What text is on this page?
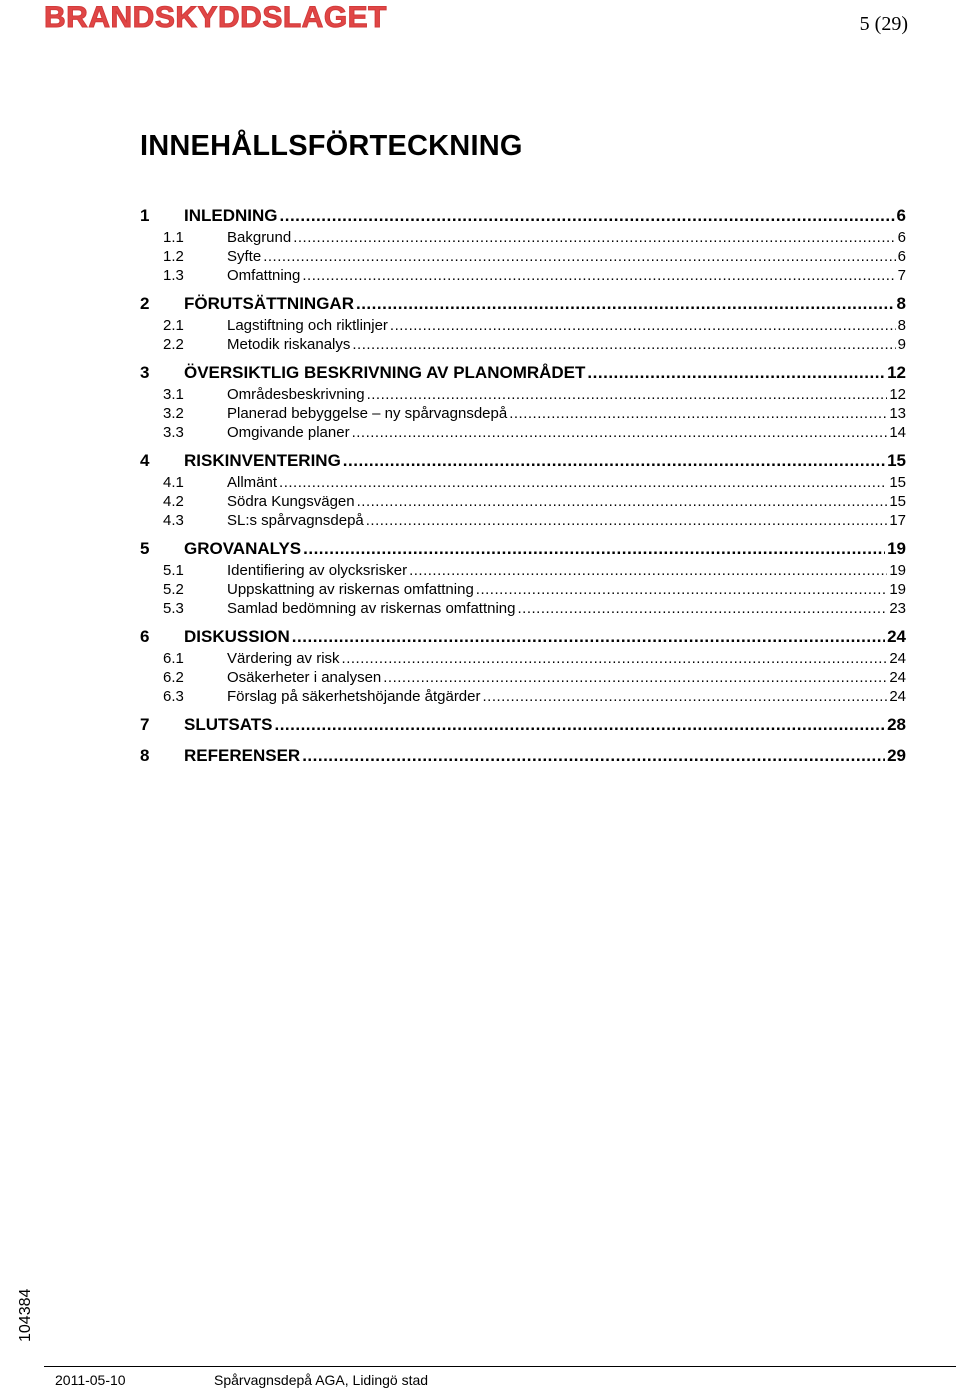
BRANDSKYDDSLAGET	5 (29)
INNEHÅLLSFÖRTECKNING
1	INLEDNING .....	6
1.1	Bakgrund .....	6
1.2	Syfte .....	6
1.3	Omfattning .....	7
2	FÖRUTSÄTTNINGAR .....	8
2.1	Lagstiftning och riktlinjer .....	8
2.2	Metodik riskanalys .....	9
3	ÖVERSIKTLIG BESKRIVNING AV PLANOMRÅDET .....	12
3.1	Områdesbeskrivning .....	12
3.2	Planerad bebyggelse – ny spårvagnsdepå .....	13
3.3	Omgivande planer .....	14
4	RISKINVENTERING .....	15
4.1	Allmänt .....	15
4.2	Södra Kungsvägen .....	15
4.3	SL:s spårvagnsdepå .....	17
5	GROVANALYS .....	19
5.1	Identifiering av olycksrisker .....	19
5.2	Uppskattning av riskernas omfattning .....	19
5.3	Samlad bedömning av riskernas omfattning .....	23
6	DISKUSSION .....	24
6.1	Värdering av risk .....	24
6.2	Osäkerheter i analysen .....	24
6.3	Förslag på säkerhetshöjande åtgärder .....	24
7	SLUTSATS .....	28
8	REFERENSER .....	29
104384
2011-05-10	Spårvagnsdepå AGA, Lidingö stad
